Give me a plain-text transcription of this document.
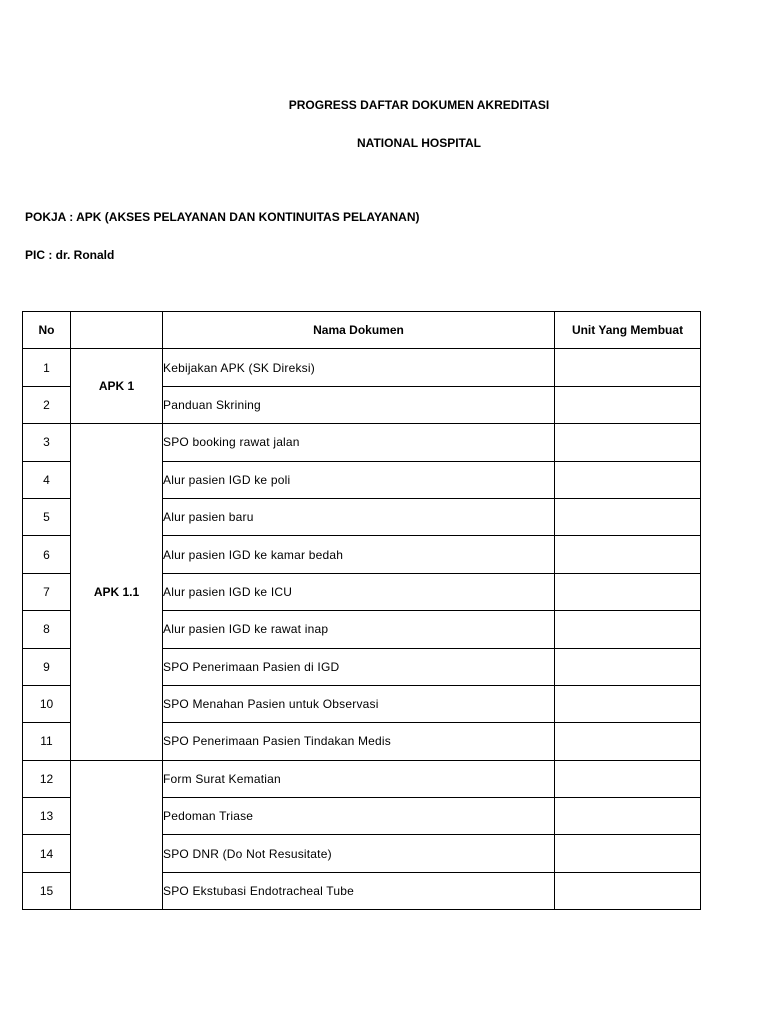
PROGRESS DAFTAR DOKUMEN AKREDITASI
NATIONAL HOSPITAL
POKJA : APK (AKSES PELAYANAN DAN KONTINUITAS PELAYANAN)
PIC : dr. Ronald
No		Nama Dokumen	Unit Yang Membuat
1	APK 1	Kebijakan APK (SK Direksi)	
2		Panduan Skrining	
3	APK 1.1	SPO booking rawat jalan	
4		Alur pasien IGD ke poli	
5		Alur pasien baru	
6		Alur pasien IGD ke kamar bedah	
7		Alur pasien IGD ke ICU	
8		Alur pasien IGD ke rawat inap	
9		SPO Penerimaan Pasien di IGD	
10		SPO Menahan Pasien untuk Observasi	
11		SPO Penerimaan Pasien Tindakan Medis	
12		Form Surat Kematian	
13		Pedoman Triase	
14		SPO DNR (Do Not Resusitate)	
15		SPO Ekstubasi Endotracheal Tube	
